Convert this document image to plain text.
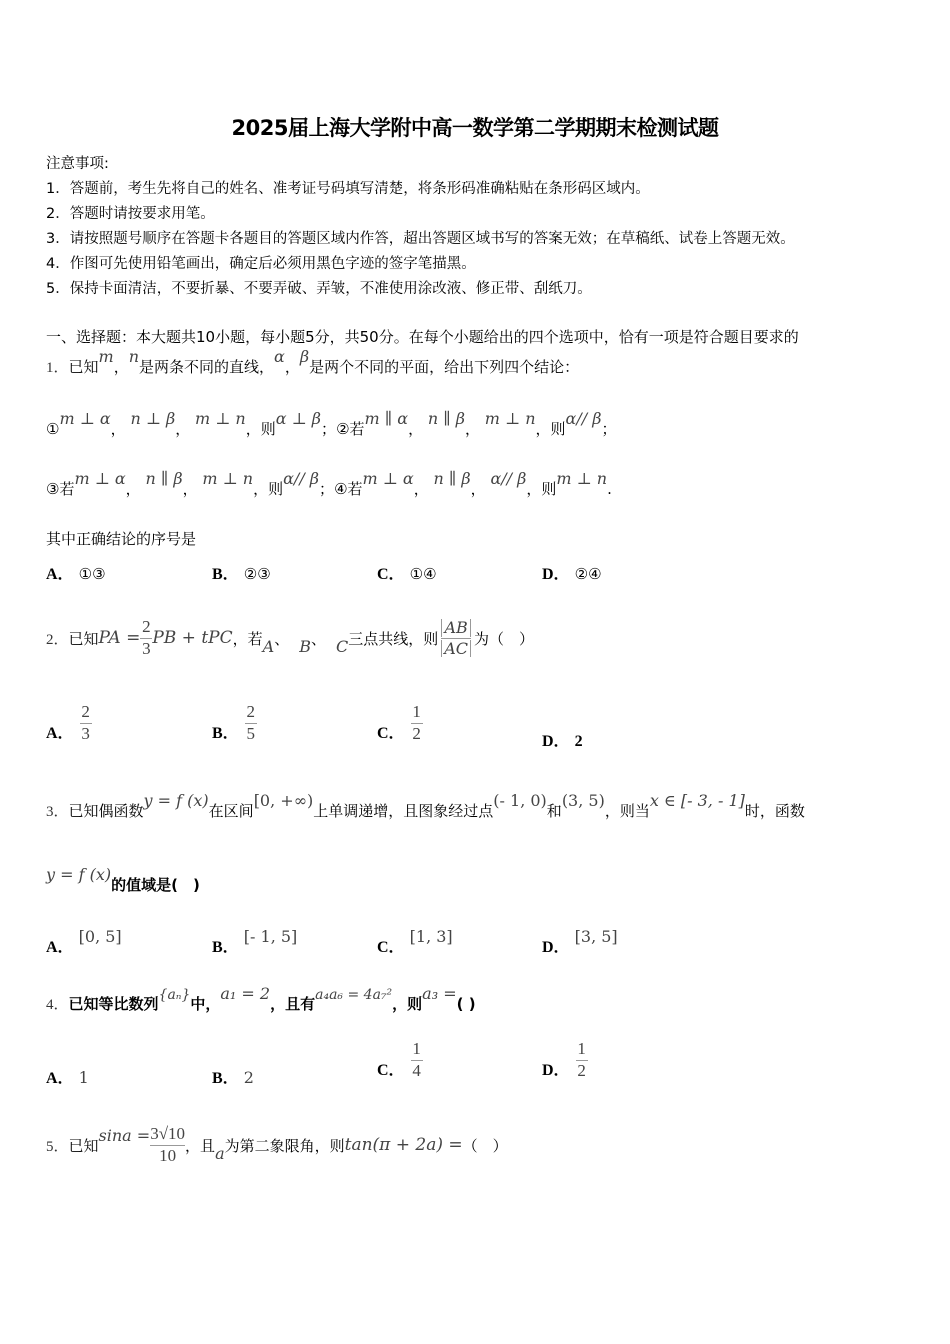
2025届上海大学附中高一数学第二学期期末检测试题
注意事项:
1．答题前，考生先将自己的姓名、准考证号码填写清楚，将条形码准确粘贴在条形码区域内。
2．答题时请按要求用笔。
3．请按照题号顺序在答题卡各题目的答题区域内作答，超出答题区域书写的答案无效；在草稿纸、试卷上答题无效。
4．作图可先使用铅笔画出，确定后必须用黑色字迹的签字笔描黑。
5．保持卡面清洁，不要折暴、不要弄破、弄皱，不准使用涂改液、修正带、刮纸刀。
一、选择题：本大题共10小题，每小题5分，共50分。在每个小题给出的四个选项中，恰有一项是符合题目要求的
1．已知m，n是两条不同的直线，α，β是两个不同的平面，给出下列四个结论：
①m ⊥ α， n ⊥ β， m ⊥ n，则α ⊥ β；②若m ∥ α， n ∥ β， m ⊥ n，则α// β；
③若m ⊥ α， n ∥ β， m ⊥ n，则α// β；④若m ⊥ α， n ∥ β， α// β，则m ⊥ n.
其中正确结论的序号是
A． ①③	B． ②③	C． ①④	D． ②④
2． 已知 PA = $\frac{2}{3}$ PB + tPC ，若 A 、 B 、 C 三点共线，则 $\frac{AB}{AC}$ 为（　）
A． $\frac{2}{3}$	B． $\frac{2}{5}$	C． $\frac{1}{2}$	D． 2
3．已知偶函数y = f (x)在区间[0, +∞)上单调递增，且图象经过点(- 1, 0)和(3, 5)，则当x ∈ [- 3, - 1]时，函数
y = f (x)的值域是(　)
A． [0, 5]
B． [- 1, 5]
C． [1, 3]
D． [3, 5]
4．已知等比数列{aₙ}中，a₁ = 2，且有a₄a₆ = 4a₇²，则a₃ =( )
A． 1	B． 2	C． $\frac{1}{4}$	D． $\frac{1}{2}$
5． 已知
$\sin a = \frac{3√10}{10}$ ，且 a 为第二象限角，则 tan(π + 2a) = （　）
